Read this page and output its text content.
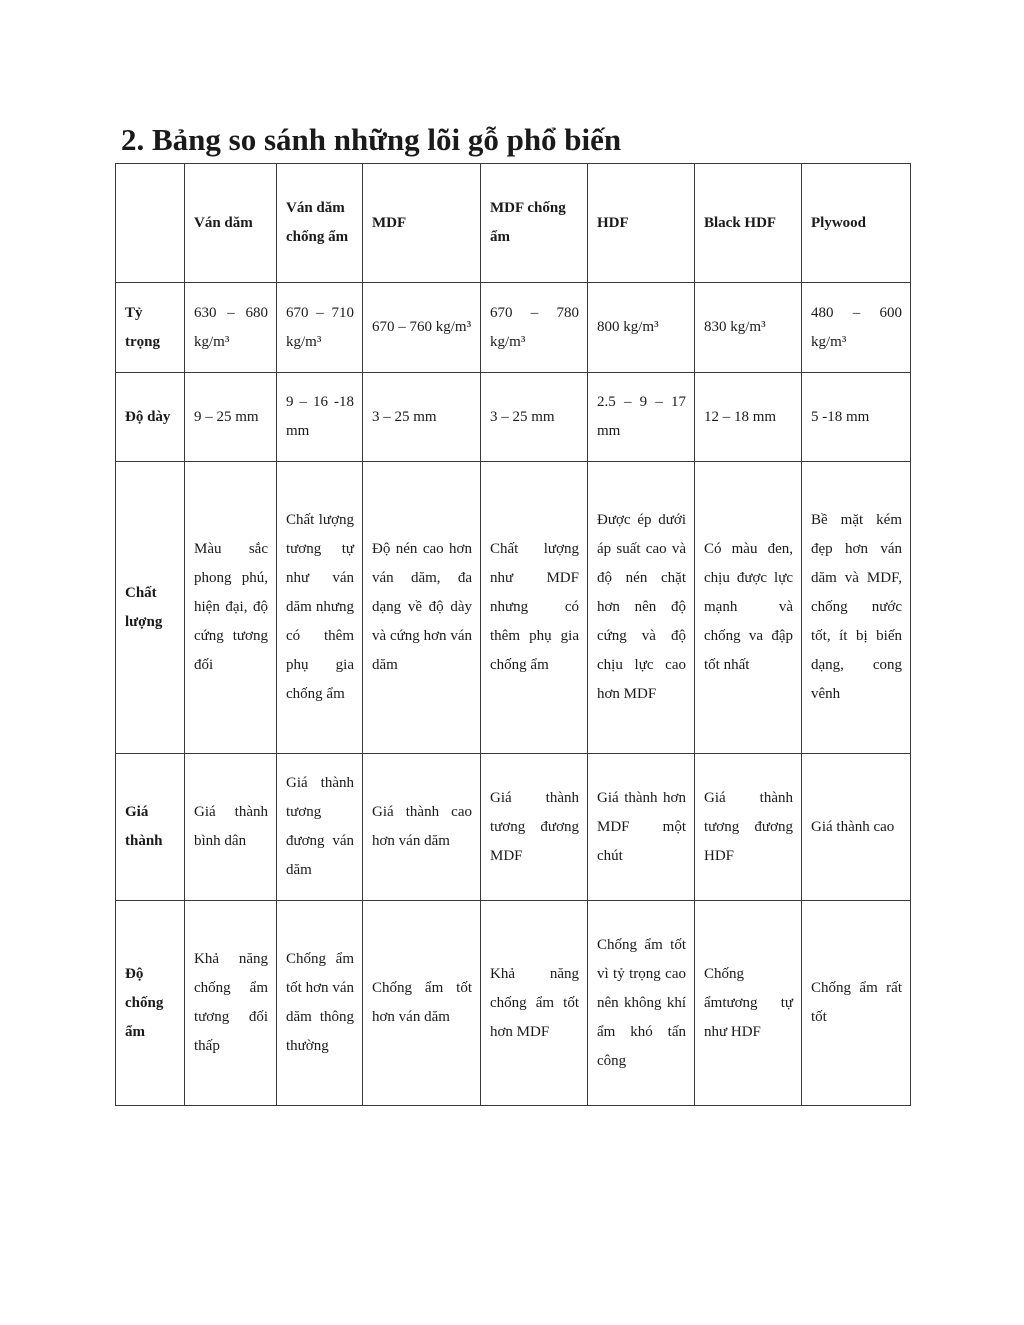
2. Bảng so sánh những lõi gỗ phổ biến
	Ván dăm	Ván dăm chống ẩm	MDF	MDF chống ẩm	HDF	Black HDF	Plywood
Tỷ trọng	630 – 680 kg/m³	670 – 710 kg/m³	670 – 760 kg/m³	670 – 780 kg/m³	800 kg/m³	830 kg/m³	480 – 600 kg/m³
Độ dày	9 – 25 mm	9 – 16 -18 mm	3 – 25 mm	3 – 25 mm	2.5 – 9 – 17 mm	12 – 18 mm	5 -18 mm
Chất lượng	Màu sắc phong phú, hiện đại, độ cứng tương đối	Chất lượng tương tự như ván dăm nhưng có thêm phụ gia chống ẩm	Độ nén cao hơn ván dăm, đa dạng về độ dày và cứng hơn ván dăm	Chất lượng như MDF nhưng có thêm phụ gia chống ẩm	Được ép dưới áp suất cao và độ nén chặt hơn nên độ cứng và độ chịu lực cao hơn MDF	Có màu đen, chịu được lực mạnh và chống va đập tốt nhất	Bề mặt kém đẹp hơn ván dăm và MDF, chống nước tốt, ít bị biến dạng, cong vênh
Giá thành	Giá thành bình dân	Giá thành tương đương ván dăm	Giá thành cao hơn ván dăm	Giá thành tương đương MDF	Giá thành hơn MDF một chút	Giá thành tương đương HDF	Giá thành cao
Độ chống ẩm	Khả năng chống ẩm tương đối thấp	Chống ẩm tốt hơn ván dăm thông thường	Chống ẩm tốt hơn ván dăm	Khả năng chống ẩm tốt hơn MDF	Chống ẩm tốt vì tỷ trọng cao nên không khí ẩm khó tấn công	Chống ẩmtương tự như HDF	Chống ẩm rất tốt
